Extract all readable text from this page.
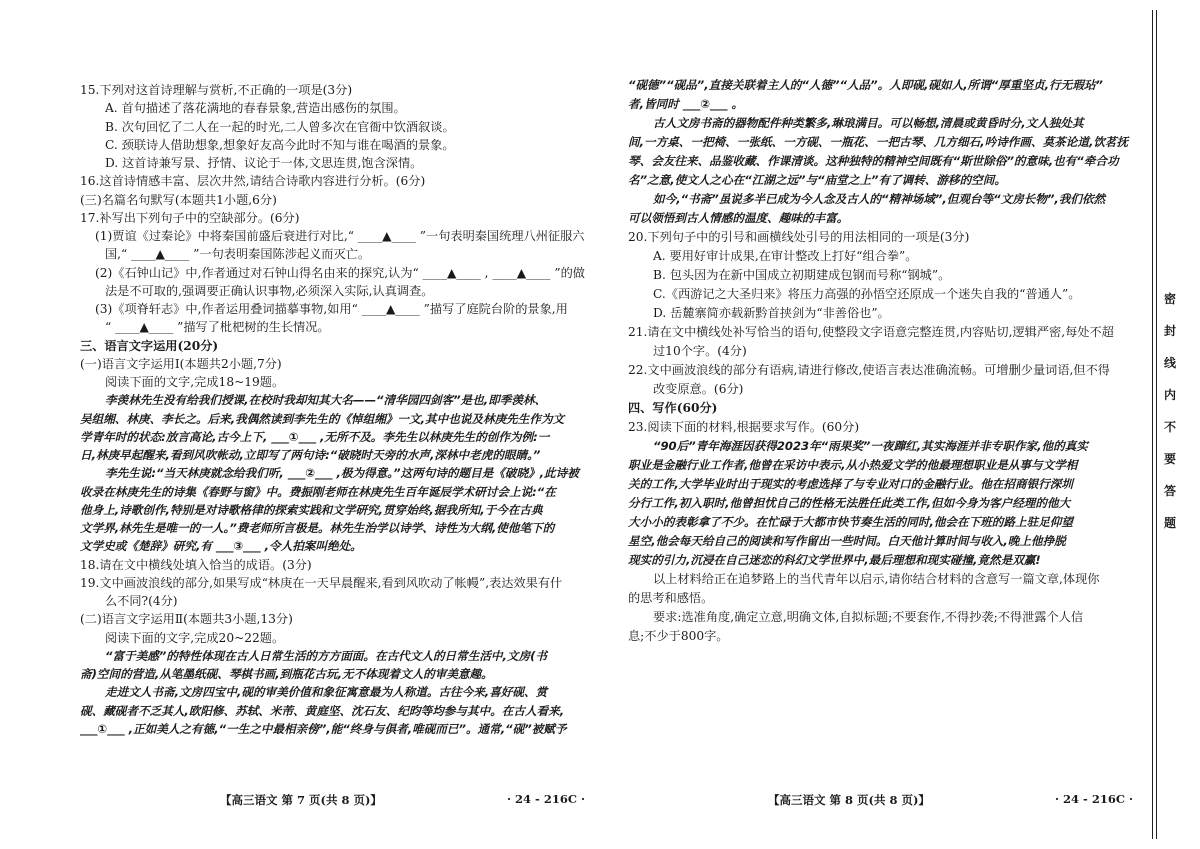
15.下列对这首诗理解与赏析,不正确的一项是(3分)
A. 首句描述了落花满地的春春景象,营造出感伤的氛围。
B. 次句回忆了二人在一起的时光,二人曾多次在官衙中饮酒叙谈。
C. 颈联诗人借助想象,想象好友高今此时不知与谁在喝酒的景象。
D. 这首诗兼写景、抒情、议论于一体,文思连贯,饱含深情。
16.这首诗情感丰富、层次井然,请结合诗歌内容进行分析。(6分)
(三)名篇名句默写(本题共1小题,6分)
17.补写出下列句子中的空缺部分。(6分)
(1)贾谊《过秦论》中将秦国前盛后衰进行对比,“ ____▲____ ”一句表明秦国统理八州征服六
国,“ ____▲____ ”一句表明秦国陈涉起义而灭亡。
(2)《石钟山记》中,作者通过对石钟山得名由来的探究,认为“ ____▲____ , ____▲____ ”的做
法是不可取的,强调要正确认识事物,必须深入实际,认真调查。
(3)《项脊轩志》中,作者运用叠词描摹事物,如用“ ____▲____ ”描写了庭院台阶的景象,用
“ ____▲____ ”描写了枇杷树的生长情况。
三、语言文字运用(20分)
(一)语言文字运用Ⅰ(本题共2小题,7分)
阅读下面的文字,完成18~19题。
李羡林先生没有给我们授课,在校时我却知其大名——“清华园四剑客”是也,即季羡林、
吴组缃、林庚、李长之。后来,我偶然读到李先生的《悼组缃》一文,其中也说及林庚先生作为文
学青年时的状态:放言高论,古今上下, ___①___ ,无所不及。李先生以林庚先生的创作为例:一
日,林庚早起醒来,看到风吹帐动,立即写了两句诗:“破晓时天旁的水声,深林中老虎的眼睛。”
李先生说:“当天林庚就念给我们听, ___②___ ,极为得意。”这两句诗的题目是《破晓》,此诗被
收录在林庚先生的诗集《春野与窗》中。费振刚老师在林庚先生百年诞辰学术研讨会上说:“在
他身上,诗歌创作,特别是对诗歌格律的探索实践和文学研究,贯穿始终,据我所知,于今在古典
文学界,林先生是唯一的一人。”费老师所言极是。林先生治学以诗学、诗性为大纲,使他笔下的
文学史或《楚辞》研究,有 ___③___ ,令人拍案叫绝处。
18.请在文中横线处填入恰当的成语。(3分)
19.文中画波浪线的部分,如果写成“林庚在一天早晨醒来,看到风吹动了帐幔”,表达效果有什
么不同?(4分)
(二)语言文字运用Ⅱ(本题共3小题,13分)
阅读下面的文字,完成20~22题。
“富于美感”的特性体现在古人日常生活的方方面面。在古代文人的日常生活中,文房(书
斋)空间的营造,从笔墨纸砚、琴棋书画,到瓶花古玩,无不体现着文人的审美意趣。
走进文人书斋,文房四宝中,砚的审美价值和象征寓意最为人称道。古往今来,喜好砚、赏
砚、藏砚者不乏其人,欧阳修、苏轼、米芾、黄庭坚、沈石友、纪昀等均参与其中。在古人看来,
___①___ ,正如美人之有德,“一生之中最相亲傍”,能“终身与俱者,唯砚而已”。通常,“砚”被赋予
【高三语文 第 7 页(共 8 页)】	· 24 - 216C ·
“砚德”“砚品”,直接关联着主人的“人德”“人品”。人即砚,砚如人,所谓“厚重坚贞,行无瑕玷”
者,皆同时 ___②___ 。
古人文房书斋的器物配件种类繁多,琳琅满目。可以畅想,清晨或黄昏时分,文人独处其
间,一方桌、一把椅、一张纸、一方砚、一瓶花、一把古琴、几方细石,吟诗作画、莫茶论道,饮茗抚
琴、会友往来、品鉴收藏、作课清谈。这种独特的精神空间既有“斯世除俗”的意味,也有“牵合功
名”之意,使文人之心在“江湖之远”与“庙堂之上”有了调转、游移的空间。
如今,“书斋”虽说多半已成为今人念及古人的“精神场域”,但观台等“文房长物”,我们依然
可以领悟到古人情感的温度、趣味的丰富。
20.下列句子中的引号和画横线处引号的用法相同的一项是(3分)
A. 要用好审计成果,在审计整改上打好“组合拳”。
B. 包头因为在新中国成立初期建成包钢而号称“钢城”。
C.《西游记之大圣归来》将压力高强的孙悟空还原成一个迷失自我的“普通人”。
D. 岳麓寨简亦载新黔首挟剑为“非善俗也”。
21.请在文中横线处补写恰当的语句,使整段文字语意完整连贯,内容贴切,逻辑严密,每处不超
过10个字。(4分)
22.文中画波浪线的部分有语病,请进行修改,使语言表达准确流畅。可增删少量词语,但不得
改变原意。(6分)
四、写作(60分)
23.阅读下面的材料,根据要求写作。(60分)
“90后”青年海涯因获得2023年“雨果奖”一夜蹿红,其实海涯并非专职作家,他的真实
职业是金融行业工作者,他曾在采访中表示,从小热爱文学的他最理想职业是从事与文学相
关的工作,大学毕业时出于现实的考虑选择了与专业对口的金融行业。他在招商银行深圳
分行工作,初入职时,他曾担忧自己的性格无法胜任此类工作,但如今身为客户经理的他大
大小小的表彰拿了不少。在忙碌于大都市快节奏生活的同时,他会在下班的路上驻足仰望
星空,他会每天给自己的阅读和写作留出一些时间。白天他计算时间与收入,晚上他挣脱
现实的引力,沉浸在自己迷恋的科幻文学世界中,最后理想和现实碰撞,竟然是双赢!
以上材料给正在追梦路上的当代青年以启示,请你结合材料的含意写一篇文章,体现你
的思考和感悟。
要求:选准角度,确定立意,明确文体,自拟标题;不要套作,不得抄袭;不得泄露个人信
息;不少于800字。
【高三语文 第 8 页(共 8 页)】	· 24 - 216C ·
密
封
线
内
不
要
答
题
